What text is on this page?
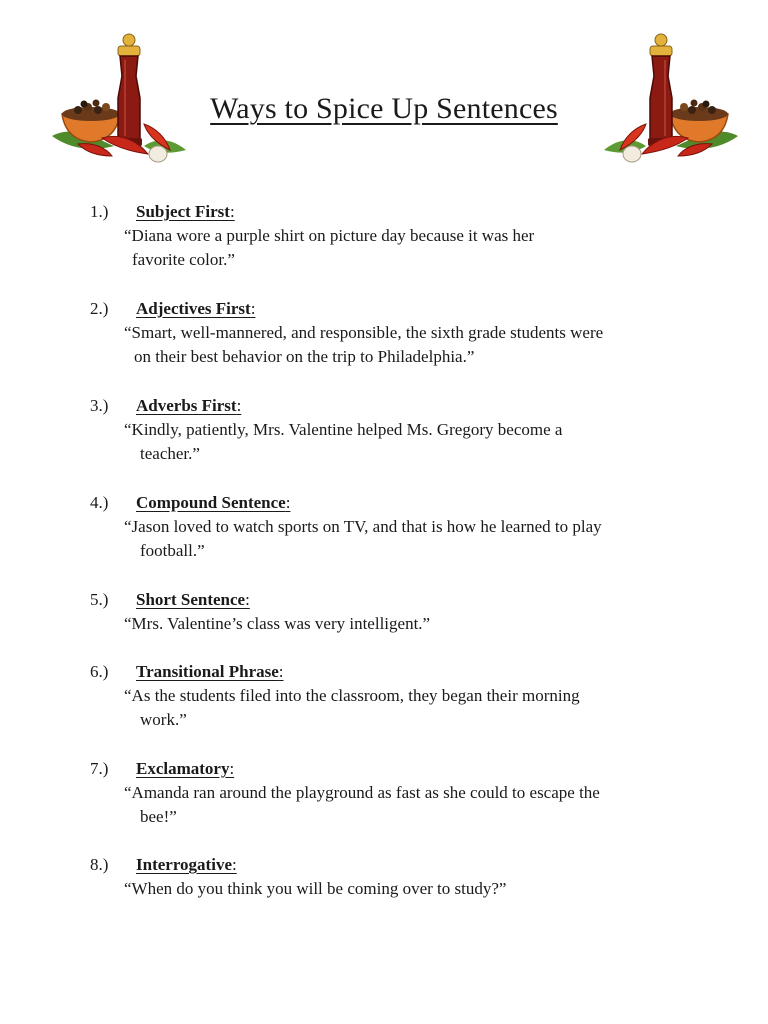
Ways to Spice Up Sentences
1.) Subject First:
“Diana wore a purple shirt on picture day because it was her
favorite color.”
2.) Adjectives First:
“Smart, well-mannered, and responsible, the sixth grade students were
on their best behavior on the trip to Philadelphia.”
3.) Adverbs First:
“Kindly, patiently, Mrs. Valentine helped Ms. Gregory become a
teacher.”
4.) Compound Sentence:
“Jason loved to watch sports on TV, and that is how he learned to play
football.”
5.) Short Sentence:
“Mrs. Valentine’s class was very intelligent.”
6.) Transitional Phrase:
“As the students filed into the classroom, they began their morning
work.”
7.) Exclamatory:
“Amanda ran around the playground as fast as she could to escape the
bee!”
8.) Interrogative:
“When do you think you will be coming over to study?”
